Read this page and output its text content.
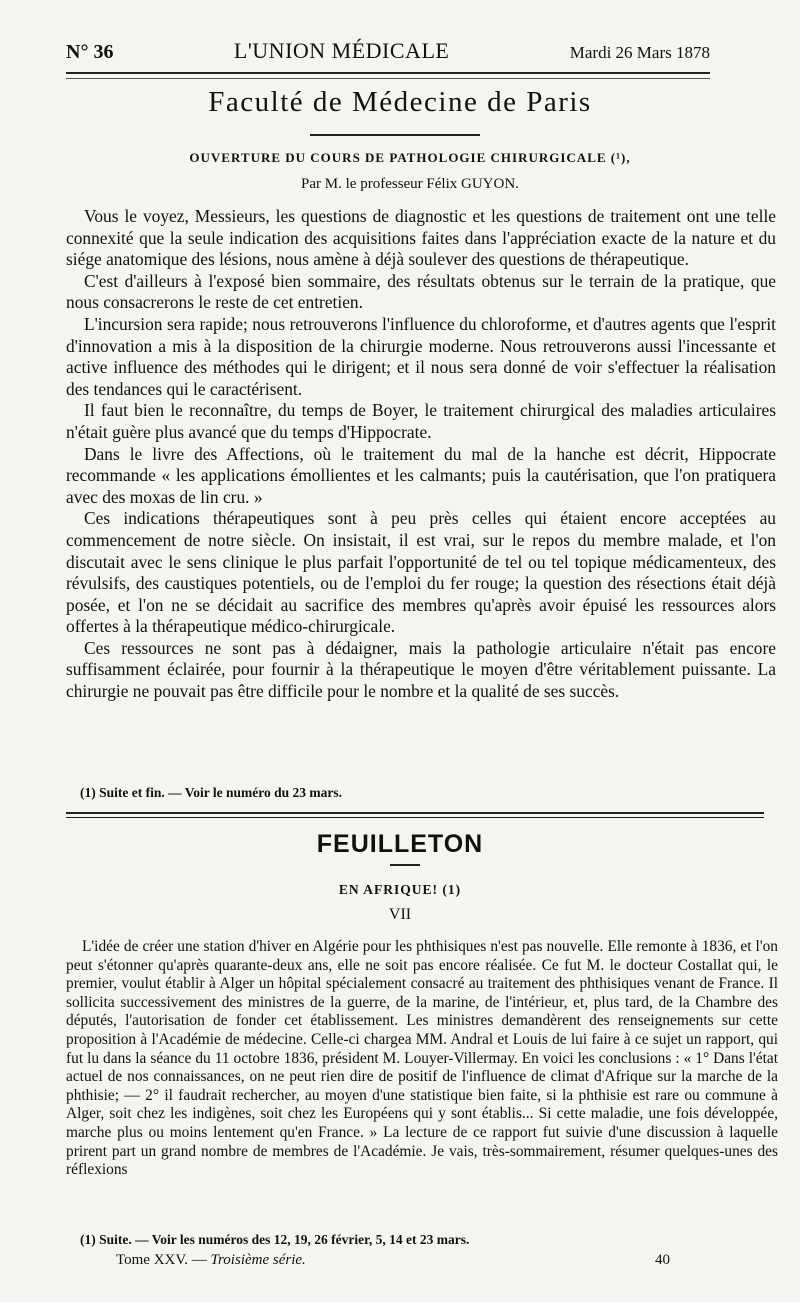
N° 36	L'UNION MÉDICALE	Mardi 26 Mars 1878
Faculté de Médecine de Paris
OUVERTURE DU COURS DE PATHOLOGIE CHIRURGICALE (¹),
Par M. le professeur Félix GUYON.

Vous le voyez, Messieurs, les questions de diagnostic et les questions de traitement ont une telle connexité que la seule indication des acquisitions faites dans l'appréciation exacte de la nature et du siége anatomique des lésions, nous amène à déjà soulever des questions de thérapeutique.

C'est d'ailleurs à l'exposé bien sommaire, des résultats obtenus sur le terrain de la pratique, que nous consacrerons le reste de cet entretien.

L'incursion sera rapide; nous retrouverons l'influence du chloroforme, et d'autres agents que l'esprit d'innovation a mis à la disposition de la chirurgie moderne. Nous retrouverons aussi l'incessante et active influence des méthodes qui le dirigent; et il nous sera donné de voir s'effectuer la réalisation des tendances qui le caractérisent.

Il faut bien le reconnaître, du temps de Boyer, le traitement chirurgical des maladies articulaires n'était guère plus avancé que du temps d'Hippocrate.

Dans le livre des Affections, où le traitement du mal de la hanche est décrit, Hippocrate recommande « les applications émollientes et les calmants; puis la cautérisation, que l'on pratiquera avec des moxas de lin cru. »

Ces indications thérapeutiques sont à peu près celles qui étaient encore acceptées au commencement de notre siècle. On insistait, il est vrai, sur le repos du membre malade, et l'on discutait avec le sens clinique le plus parfait l'opportunité de tel ou tel topique médicamenteux, des révulsifs, des caustiques potentiels, ou de l'emploi du fer rouge; la question des résections était déjà posée, et l'on ne se décidait au sacrifice des membres qu'après avoir épuisé les ressources alors offertes à la thérapeutique médico-chirurgicale.

Ces ressources ne sont pas à dédaigner, mais la pathologie articulaire n'était pas encore suffisamment éclairée, pour fournir à la thérapeutique le moyen d'être véritablement puissante. La chirurgie ne pouvait pas être difficile pour le nombre et la qualité de ses succès.

(1) Suite et fin. — Voir le numéro du 23 mars.
FEUILLETON
EN AFRIQUE! (1)
VII

L'idée de créer une station d'hiver en Algérie pour les phthisiques n'est pas nouvelle. Elle remonte à 1836, et l'on peut s'étonner qu'après quarante-deux ans, elle ne soit pas encore réalisée. Ce fut M. le docteur Costallat qui, le premier, voulut établir à Alger un hôpital spécialement consacré au traitement des phthisiques venant de France. Il sollicita successivement des ministres de la guerre, de la marine, de l'intérieur, et, plus tard, de la Chambre des députés, l'autorisation de fonder cet établissement. Les ministres demandèrent des renseignements sur cette proposition à l'Académie de médecine. Celle-ci chargea MM. Andral et Louis de lui faire à ce sujet un rapport, qui fut lu dans la séance du 11 octobre 1836, président M. Louyer-Villermay. En voici les conclusions : « 1° Dans l'état actuel de nos connaissances, on ne peut rien dire de positif de l'influence de climat d'Afrique sur la marche de la phthisie; — 2° il faudrait rechercher, au moyen d'une statistique bien faite, si la phthisie est rare ou commune à Alger, soit chez les indigènes, soit chez les Européens qui y sont établis... Si cette maladie, une fois développée, marche plus ou moins lentement qu'en France. » La lecture de ce rapport fut suivie d'une discussion à laquelle prirent part un grand nombre de membres de l'Académie. Je vais, très-sommairement, résumer quelques-unes des réflexions

(1) Suite. — Voir les numéros des 12, 19, 26 février, 5, 14 et 23 mars.
Tome XXV. — Troisième série.	40
